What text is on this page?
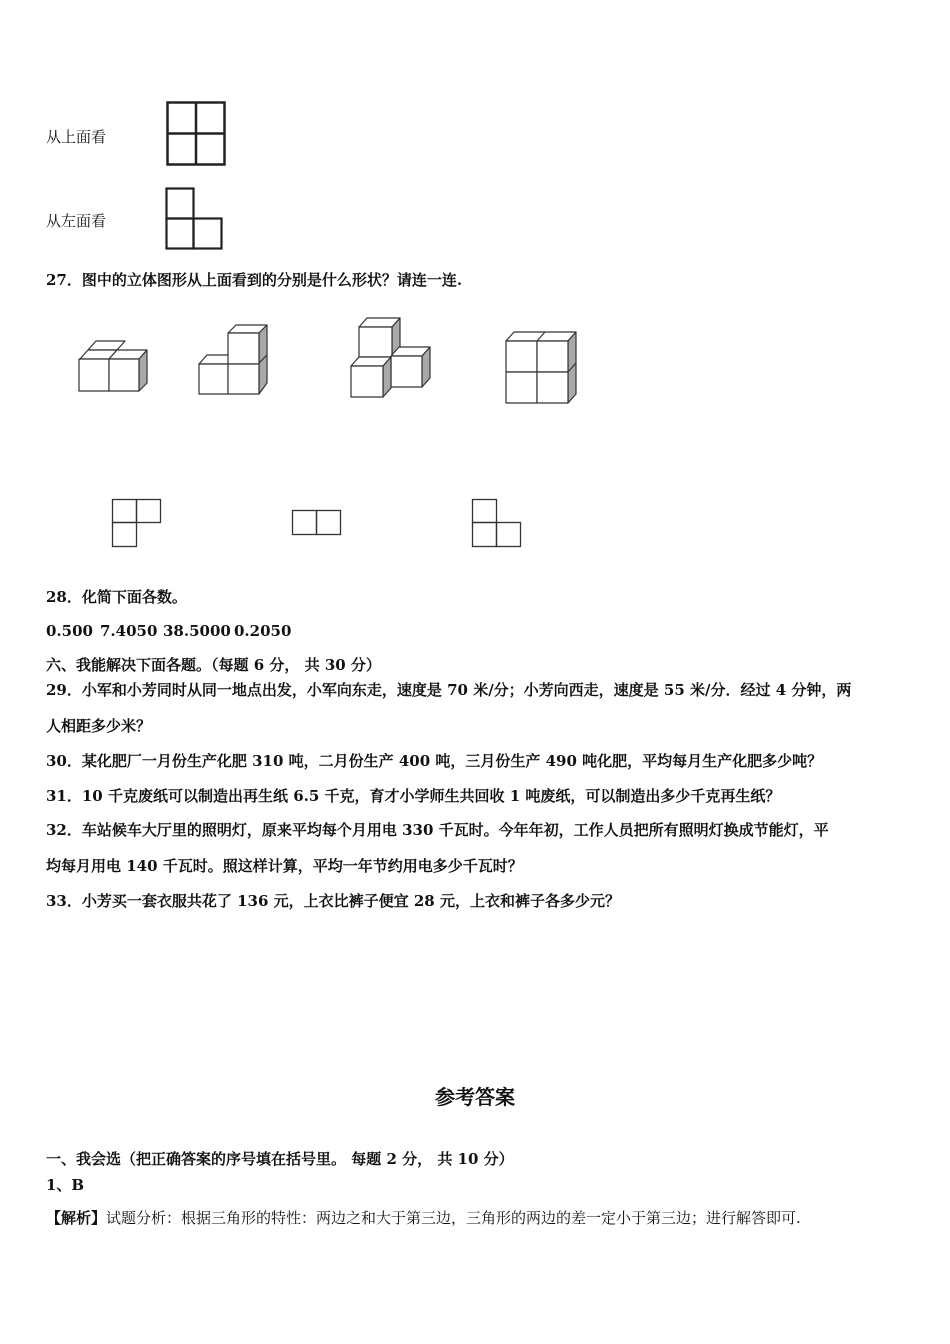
从上面看
从左面看
27．图中的立体图形从上面看到的分别是什么形状？请连一连.
28．化简下面各数。
0.500 7.4050 38.5000 0.2050
六、我能解决下面各题。（每题 6 分， 共 30 分）
29．小军和小芳同时从同一地点出发，小军向东走，速度是 70 米/分；小芳向西走，速度是 55 米/分．经过 4 分钟，两
人相距多少米？
30．某化肥厂一月份生产化肥 310 吨，二月份生产 400 吨，三月份生产 490 吨化肥，平均每月生产化肥多少吨？
31．10 千克废纸可以制造出再生纸 6.5 千克，育才小学师生共回收 1 吨废纸，可以制造出多少千克再生纸？
32．车站候车大厅里的照明灯，原来平均每个月用电 330 千瓦时。今年年初，工作人员把所有照明灯换成节能灯，平
均每月用电 140 千瓦时。照这样计算，平均一年节约用电多少千瓦时？
33．小芳买一套衣服共花了 136 元，上衣比裤子便宜 28 元，上衣和裤子各多少元？
参考答案
一、我会选（把正确答案的序号填在括号里。 每题 2 分， 共 10 分）
1、B
【解析】试题分析：根据三角形的特性：两边之和大于第三边，三角形的两边的差一定小于第三边；进行解答即可.
